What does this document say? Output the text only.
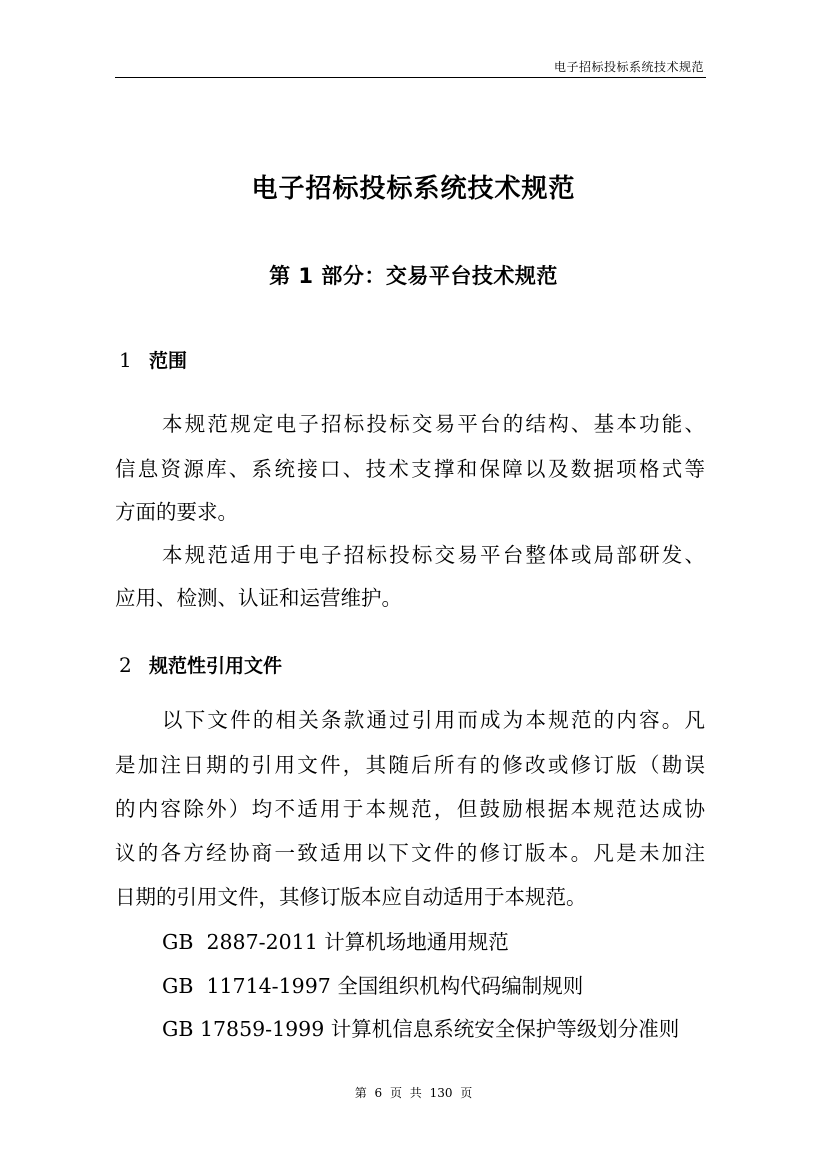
电子招标投标系统技术规范
电子招标投标系统技术规范
第 1 部分：交易平台技术规范
1 范围
本规范规定电子招标投标交易平台的结构、基本功能、
信息资源库、系统接口、技术支撑和保障以及数据项格式等
方面的要求。
本规范适用于电子招标投标交易平台整体或局部研发、
应用、检测、认证和运营维护。
2 规范性引用文件
以下文件的相关条款通过引用而成为本规范的内容。凡
是加注日期的引用文件，其随后所有的修改或修订版（勘误
的内容除外）均不适用于本规范，但鼓励根据本规范达成协
议的各方经协商一致适用以下文件的修订版本。凡是未加注
日期的引用文件，其修订版本应自动适用于本规范。
GB  2887-2011 计算机场地通用规范
GB  11714-1997 全国组织机构代码编制规则
GB 17859-1999 计算机信息系统安全保护等级划分准则
第 6 页 共 130 页
